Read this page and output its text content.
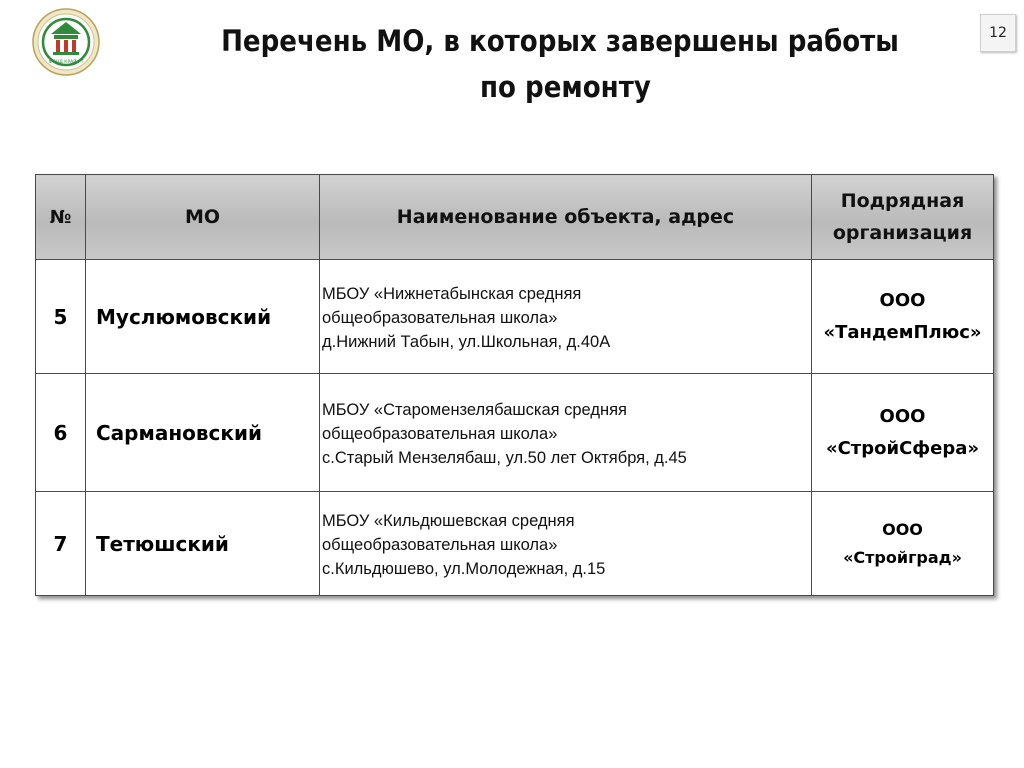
ФОНД КРАЙ РТ
12
Перечень МО, в которых завершены работы
по ремонту
№	МО	Наименование объекта, адрес	Подрядная
организация
5	Муслюмовский	МБОУ «Нижнетабынская средняя
общеобразовательная школа»
д.Нижний Табын, ул.Школьная, д.40А	ООО
«ТандемПлюс»

6	Сармановский	МБОУ «Старомензелябашская средняя
общеобразовательная школа»
с.Старый Мензелябаш, ул.50 лет Октября, д.45	ООО
«СтройСфера»

7	Тетюшский	МБОУ «Кильдюшевская средняя
общеобразовательная школа»
с.Кильдюшево, ул.Молодежная, д.15	ООО
«Стройград»
